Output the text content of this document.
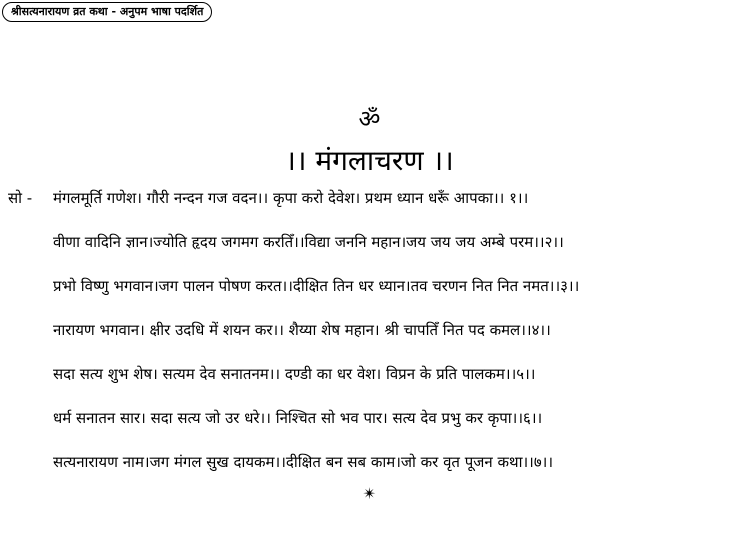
श्रीसत्यनारायण व्रत कथा - अनुपम भाषा पदर्शित
ॐ
।। मंगलाचरण ।।
सो - मंगलमूर्ति गणेश। गौरी नन्दन गज वदन।। कृपा करो देवेश। प्रथम ध्यान धरूँ आपका।। १।।
वीणा वादिनि ज्ञान।ज्योति हृदय जगमग करतिँ।।विद्या जननि महान।जय जय जय अम्बे परम।।२।।
प्रभो विष्णु भगवान।जग पालन पोषण करत।।दीक्षित तिन धर ध्यान।तव चरणन नित नित नमत।।३।।
नारायण भगवान। क्षीर उदधि में शयन कर।। शैय्या शेष महान। श्री चापतिँ नित पद कमल।।४।।
सदा सत्य शुभ शेष। सत्यम देव सनातनम।। दण्डी का धर वेश। विप्रन के प्रति पालकम।।५।।
धर्म सनातन सार। सदा सत्य जो उर धरे।। निश्चित सो भव पार। सत्य देव प्रभु कर कृपा।।६।।
सत्यनारायण नाम।जग मंगल सुख दायकम।।दीक्षित बन सब काम।जो कर वृत पूजन कथा।।७।।
✴
